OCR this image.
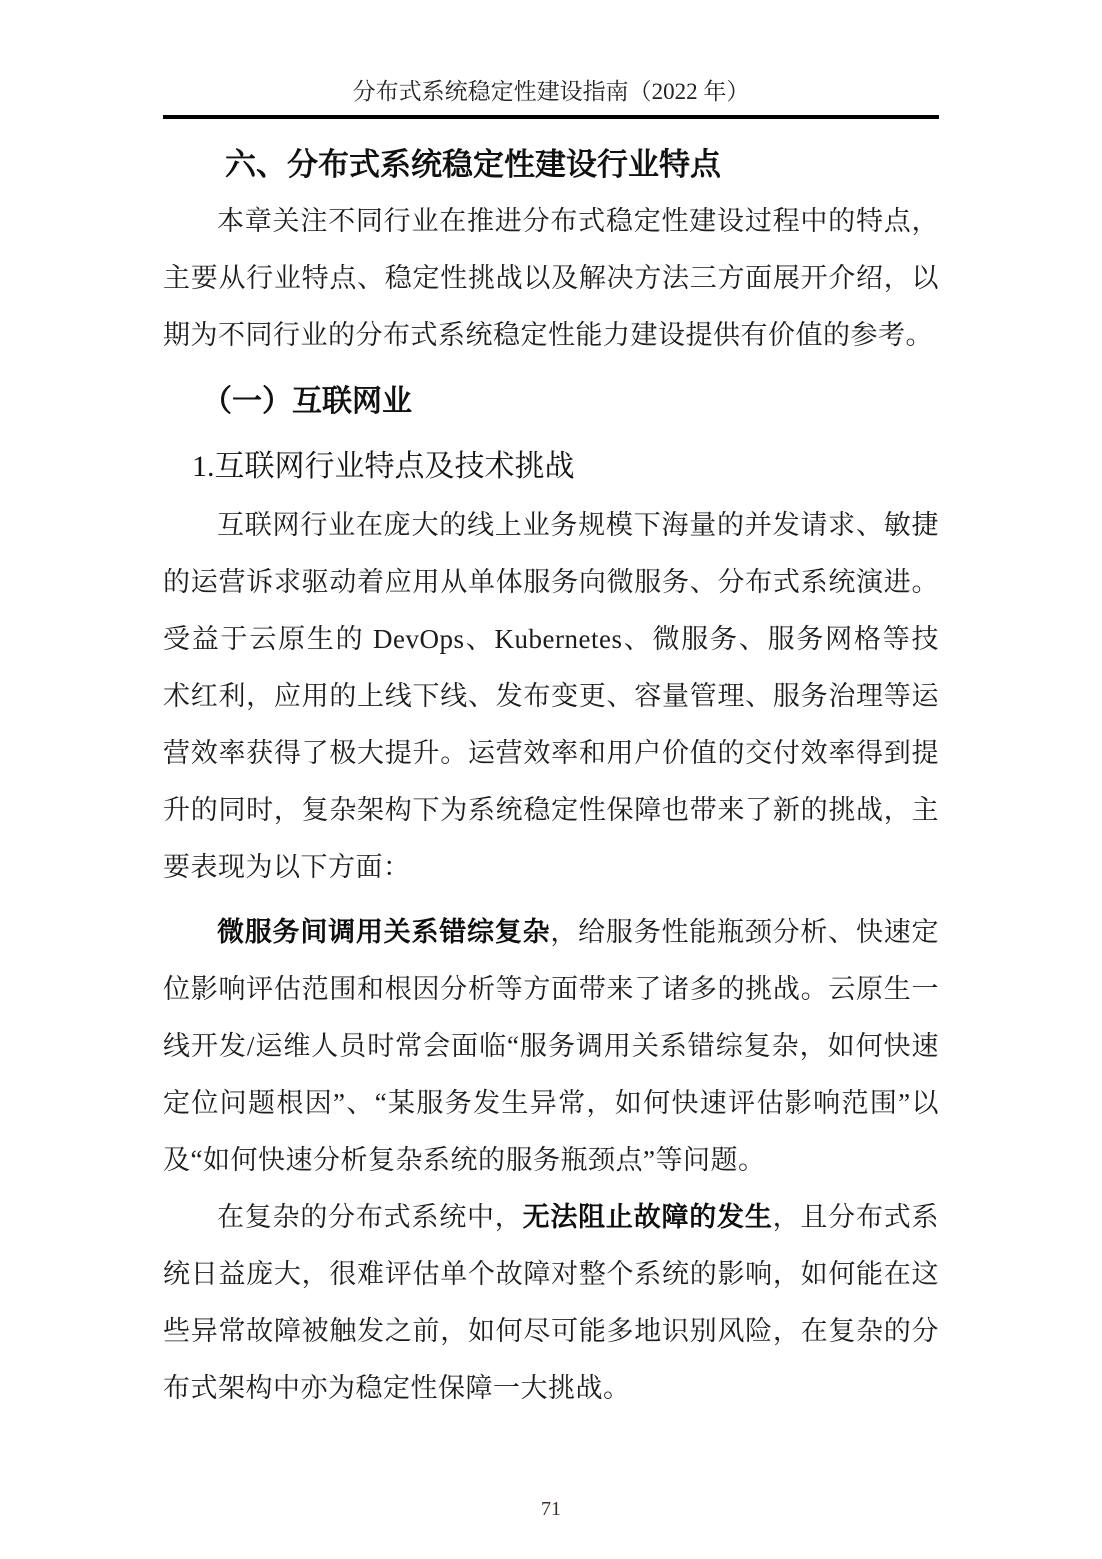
分布式系统稳定性建设指南（2022 年）
六、分布式系统稳定性建设行业特点

本章关注不同行业在推进分布式稳定性建设过程中的特点，主要从行业特点、稳定性挑战以及解决方法三方面展开介绍，以期为不同行业的分布式系统稳定性能力建设提供有价值的参考。

（一）互联网业
1.互联网行业特点及技术挑战

互联网行业在庞大的线上业务规模下海量的并发请求、敏捷的运营诉求驱动着应用从单体服务向微服务、分布式系统演进。受益于云原生的 DevOps、Kubernetes、微服务、服务网格等技术红利，应用的上线下线、发布变更、容量管理、服务治理等运营效率获得了极大提升。运营效率和用户价值的交付效率得到提升的同时，复杂架构下为系统稳定性保障也带来了新的挑战，主要表现为以下方面：

微服务间调用关系错综复杂，给服务性能瓶颈分析、快速定位影响评估范围和根因分析等方面带来了诸多的挑战。云原生一线开发/运维人员时常会面临“服务调用关系错综复杂，如何快速定位问题根因”、“某服务发生异常，如何快速评估影响范围”以及“如何快速分析复杂系统的服务瓶颈点”等问题。

在复杂的分布式系统中，无法阻止故障的发生，且分布式系统日益庞大，很难评估单个故障对整个系统的影响，如何能在这些异常故障被触发之前，如何尽可能多地识别风险，在复杂的分布式架构中亦为稳定性保障一大挑战。

71
